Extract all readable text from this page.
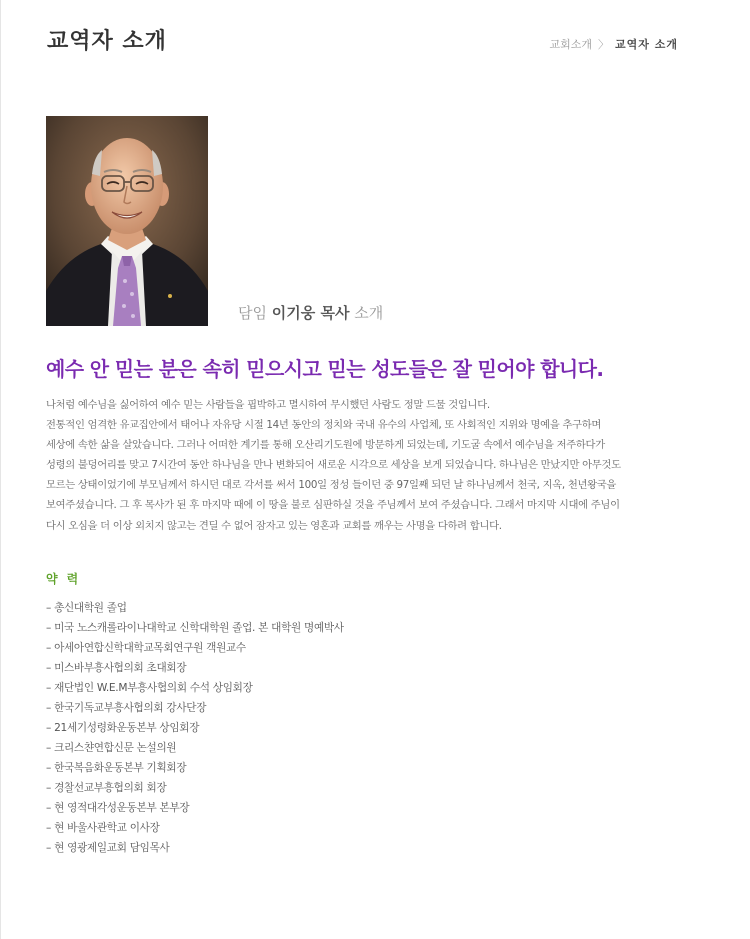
교역자 소개	교회소개 〉 교역자 소개
담임 이기웅 목사 소개
예수 안 믿는 분은 속히 믿으시고 믿는 성도들은 잘 믿어야 합니다.

나처럼 예수님을 싫어하여 예수 믿는 사람들을 핍박하고 멸시하여 무시했던 사람도 정말 드물 것입니다.

전통적인 엄격한 유교집안에서 태어나 자유당 시절 14년 동안의 정치와 국내 유수의 사업체, 또 사회적인 지위와 명예을 추구하며

세상에 속한 삶을 살았습니다. 그러나 어떠한 계기를 통해 오산리기도원에 방문하게 되었는데, 기도굴 속에서 예수님을 저주하다가

성령의 불덩어리를 맞고 7시간여 동안 하나님을 만나 변화되어 새로운 시각으로 세상을 보게 되었습니다. 하나님은 만났지만 아무것도

모르는 상태이었기에 부모님께서 하시던 대로 각서를 써서 100일 정성 들이던 중 97일째 되던 날 하나님께서 천국, 지옥, 천년왕국을

보여주셨습니다. 그 후 목사가 된 후 마지막 때에 이 땅을 불로 심판하실 것을 주님께서 보여 주셨습니다. 그래서 마지막 시대에 주님이

다시 오심을 더 이상 외치지 않고는 견딜 수 없어 잠자고 있는 영혼과 교회를 깨우는 사명을 다하려 합니다.

약력
– 총신대학원 졸업
– 미국 노스캐롤라이나대학교 신학대학원 졸업. 본 대학원 명예박사
– 아세아연합신학대학교목회연구원 객원교수
– 미스바부흥사협의회 초대회장
– 재단법인 W.E.M부흥사협의회 수석 상임회장
– 한국기독교부흥사협의회 강사단장
– 21세기성령화운동본부 상임회장
– 크리스챤연합신문 논설의원
– 한국복음화운동본부 기획회장
– 경찰선교부흥협의회 회장
– 현 영적대각성운동본부 본부장
– 현 바울사관학교 이사장
– 현 영광제일교회 담임목사
